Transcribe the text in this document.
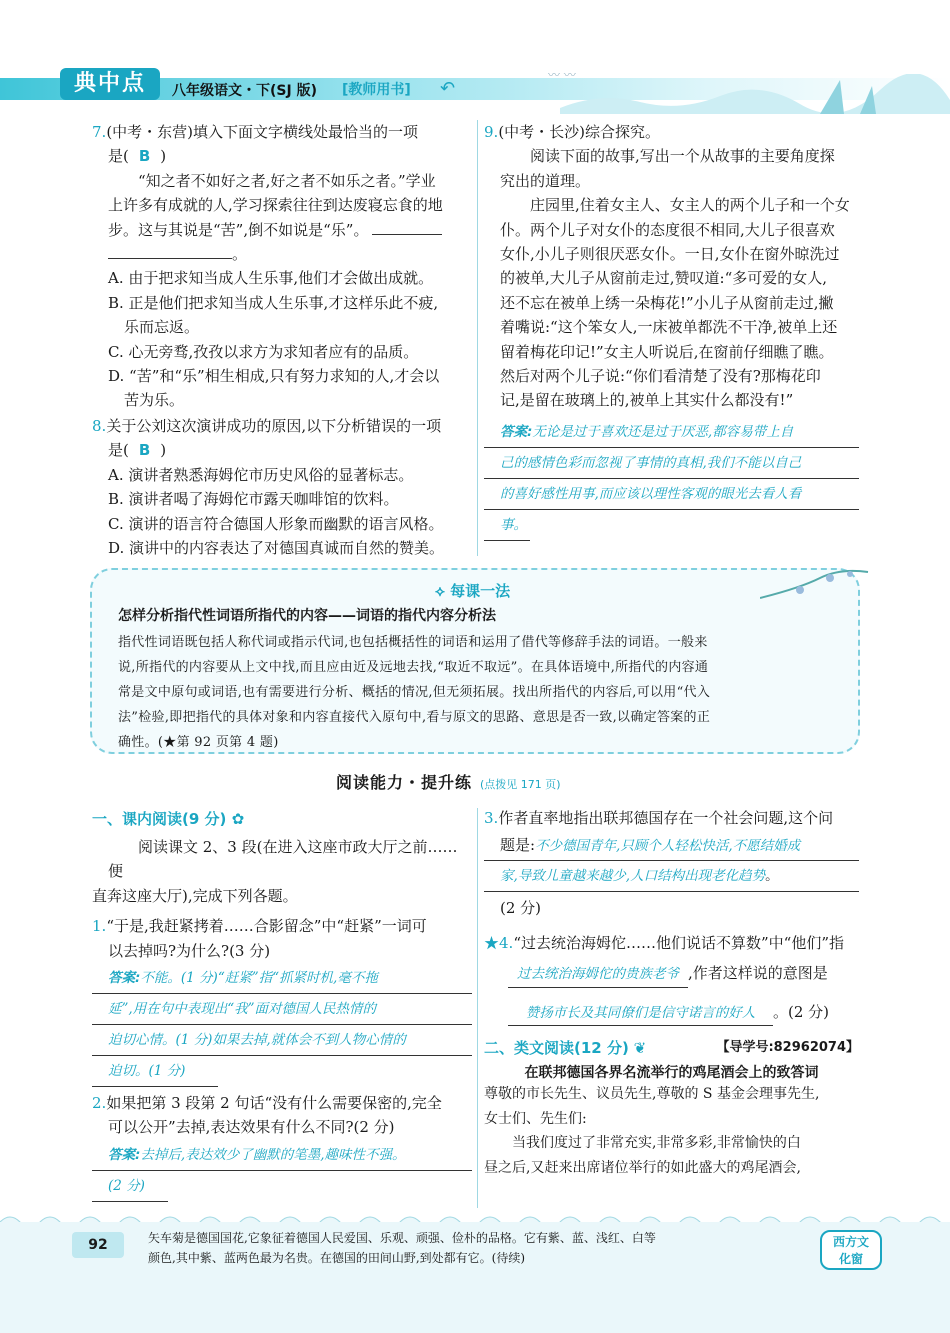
典中点	八年级语文・下(SJ 版) [教师用书] ↶
〰 〰
7.(中考・东营)填入下面文字横线处最恰当的一项
是( B )
“知之者不如好之者,好之者不如乐之者。”学业
上许多有成就的人,学习探索往往到达废寝忘食的地
步。这与其说是“苦”,倒不如说是“乐”。
。
A. 由于把求知当成人生乐事,他们才会做出成就。
B. 正是他们把求知当成人生乐事,才这样乐此不疲,
乐而忘返。
C. 心无旁骛,孜孜以求方为求知者应有的品质。
D. “苦”和“乐”相生相成,只有努力求知的人,才会以
苦为乐。
8.关于公刘这次演讲成功的原因,以下分析错误的一项
是( B )
A. 演讲者熟悉海姆佗市历史风俗的显著标志。
B. 演讲者喝了海姆佗市露天咖啡馆的饮料。
C. 演讲的语言符合德国人形象而幽默的语言风格。
D. 演讲中的内容表达了对德国真诚而自然的赞美。
9.(中考・长沙)综合探究。
阅读下面的故事,写出一个从故事的主要角度探
究出的道理。
庄园里,住着女主人、女主人的两个儿子和一个女
仆。两个儿子对女仆的态度很不相同,大儿子很喜欢
女仆,小儿子则很厌恶女仆。一日,女仆在窗外晾洗过
的被单,大儿子从窗前走过,赞叹道:“多可爱的女人,
还不忘在被单上绣一朵梅花!”小儿子从窗前走过,撇
着嘴说:“这个笨女人,一床被单都洗不干净,被单上还
留着梅花印记!”女主人听说后,在窗前仔细瞧了瞧。
然后对两个儿子说:“你们看清楚了没有?那梅花印
记,是留在玻璃上的,被单上其实什么都没有!”
答案:无论是过于喜欢还是过于厌恶,都容易带上自
己的感情色彩而忽视了事情的真相,我们不能以自己
的喜好感性用事,而应该以理性客观的眼光去看人看
事。
⟡ 每课一法
怎样分析指代性词语所指代的内容——词语的指代内容分析法
指代性词语既包括人称代词或指示代词,也包括概括性的词语和运用了借代等修辞手法的词语。一般来
说,所指代的内容要从上文中找,而且应由近及远地去找,“取近不取远”。在具体语境中,所指代的内容通
常是文中原句或词语,也有需要进行分析、概括的情况,但无须拓展。找出所指代的内容后,可以用“代入
法”检验,即把指代的具体对象和内容直接代入原句中,看与原文的思路、意思是否一致,以确定答案的正
确性。(★第 92 页第 4 题)
阅读能力・提升练 (点拨见 171 页)
一、课内阅读(9 分) ✿
阅读课文 2、3 段(在进入这座市政大厅之前……便
直奔这座大厅),完成下列各题。
1.“于是,我赶紧拷着……合影留念”中“赶紧”一词可
以去掉吗?为什么?(3 分)
答案:不能。(1 分)“赶紧”指“抓紧时机,毫不拖
延”,用在句中表现出“我”面对德国人民热情的
迫切心情。(1 分)如果去掉,就体会不到人物心情的
迫切。(1 分)
2.如果把第 3 段第 2 句话“没有什么需要保密的,完全
可以公开”去掉,表达效果有什么不同?(2 分)
答案:去掉后,表达效少了幽默的笔墨,趣味性不强。
(2 分)
3.作者直率地指出联邦德国存在一个社会问题,这个问
题是:不少德国青年,只顾个人轻松快活,不愿结婚成
家,导致儿童越来越少,人口结构出现老化趋势。
(2 分)
★4.“过去统治海姆佗……他们说话不算数”中“他们”指
过去统治海姆佗的贵族老爷 ,作者这样说的意图是
赞扬市长及其同僚们是信守诺言的好人 。(2 分)
二、类文阅读(12 分) ❦	【导学号:82962074】
在联邦德国各界名流举行的鸡尾酒会上的致答词
尊敬的市长先生、议员先生,尊敬的 S 基金会理事先生,
女士们、先生们:
当我们度过了非常充实,非常多彩,非常愉快的白
昼之后,又赶来出席诸位举行的如此盛大的鸡尾酒会,
92	矢车菊是德国国花,它象征着德国人民爱国、乐观、顽强、俭朴的品格。它有紫、蓝、浅红、白等
颜色,其中紫、蓝两色最为名贵。在德国的田间山野,到处都有它。(待续)
西方文
化窗
